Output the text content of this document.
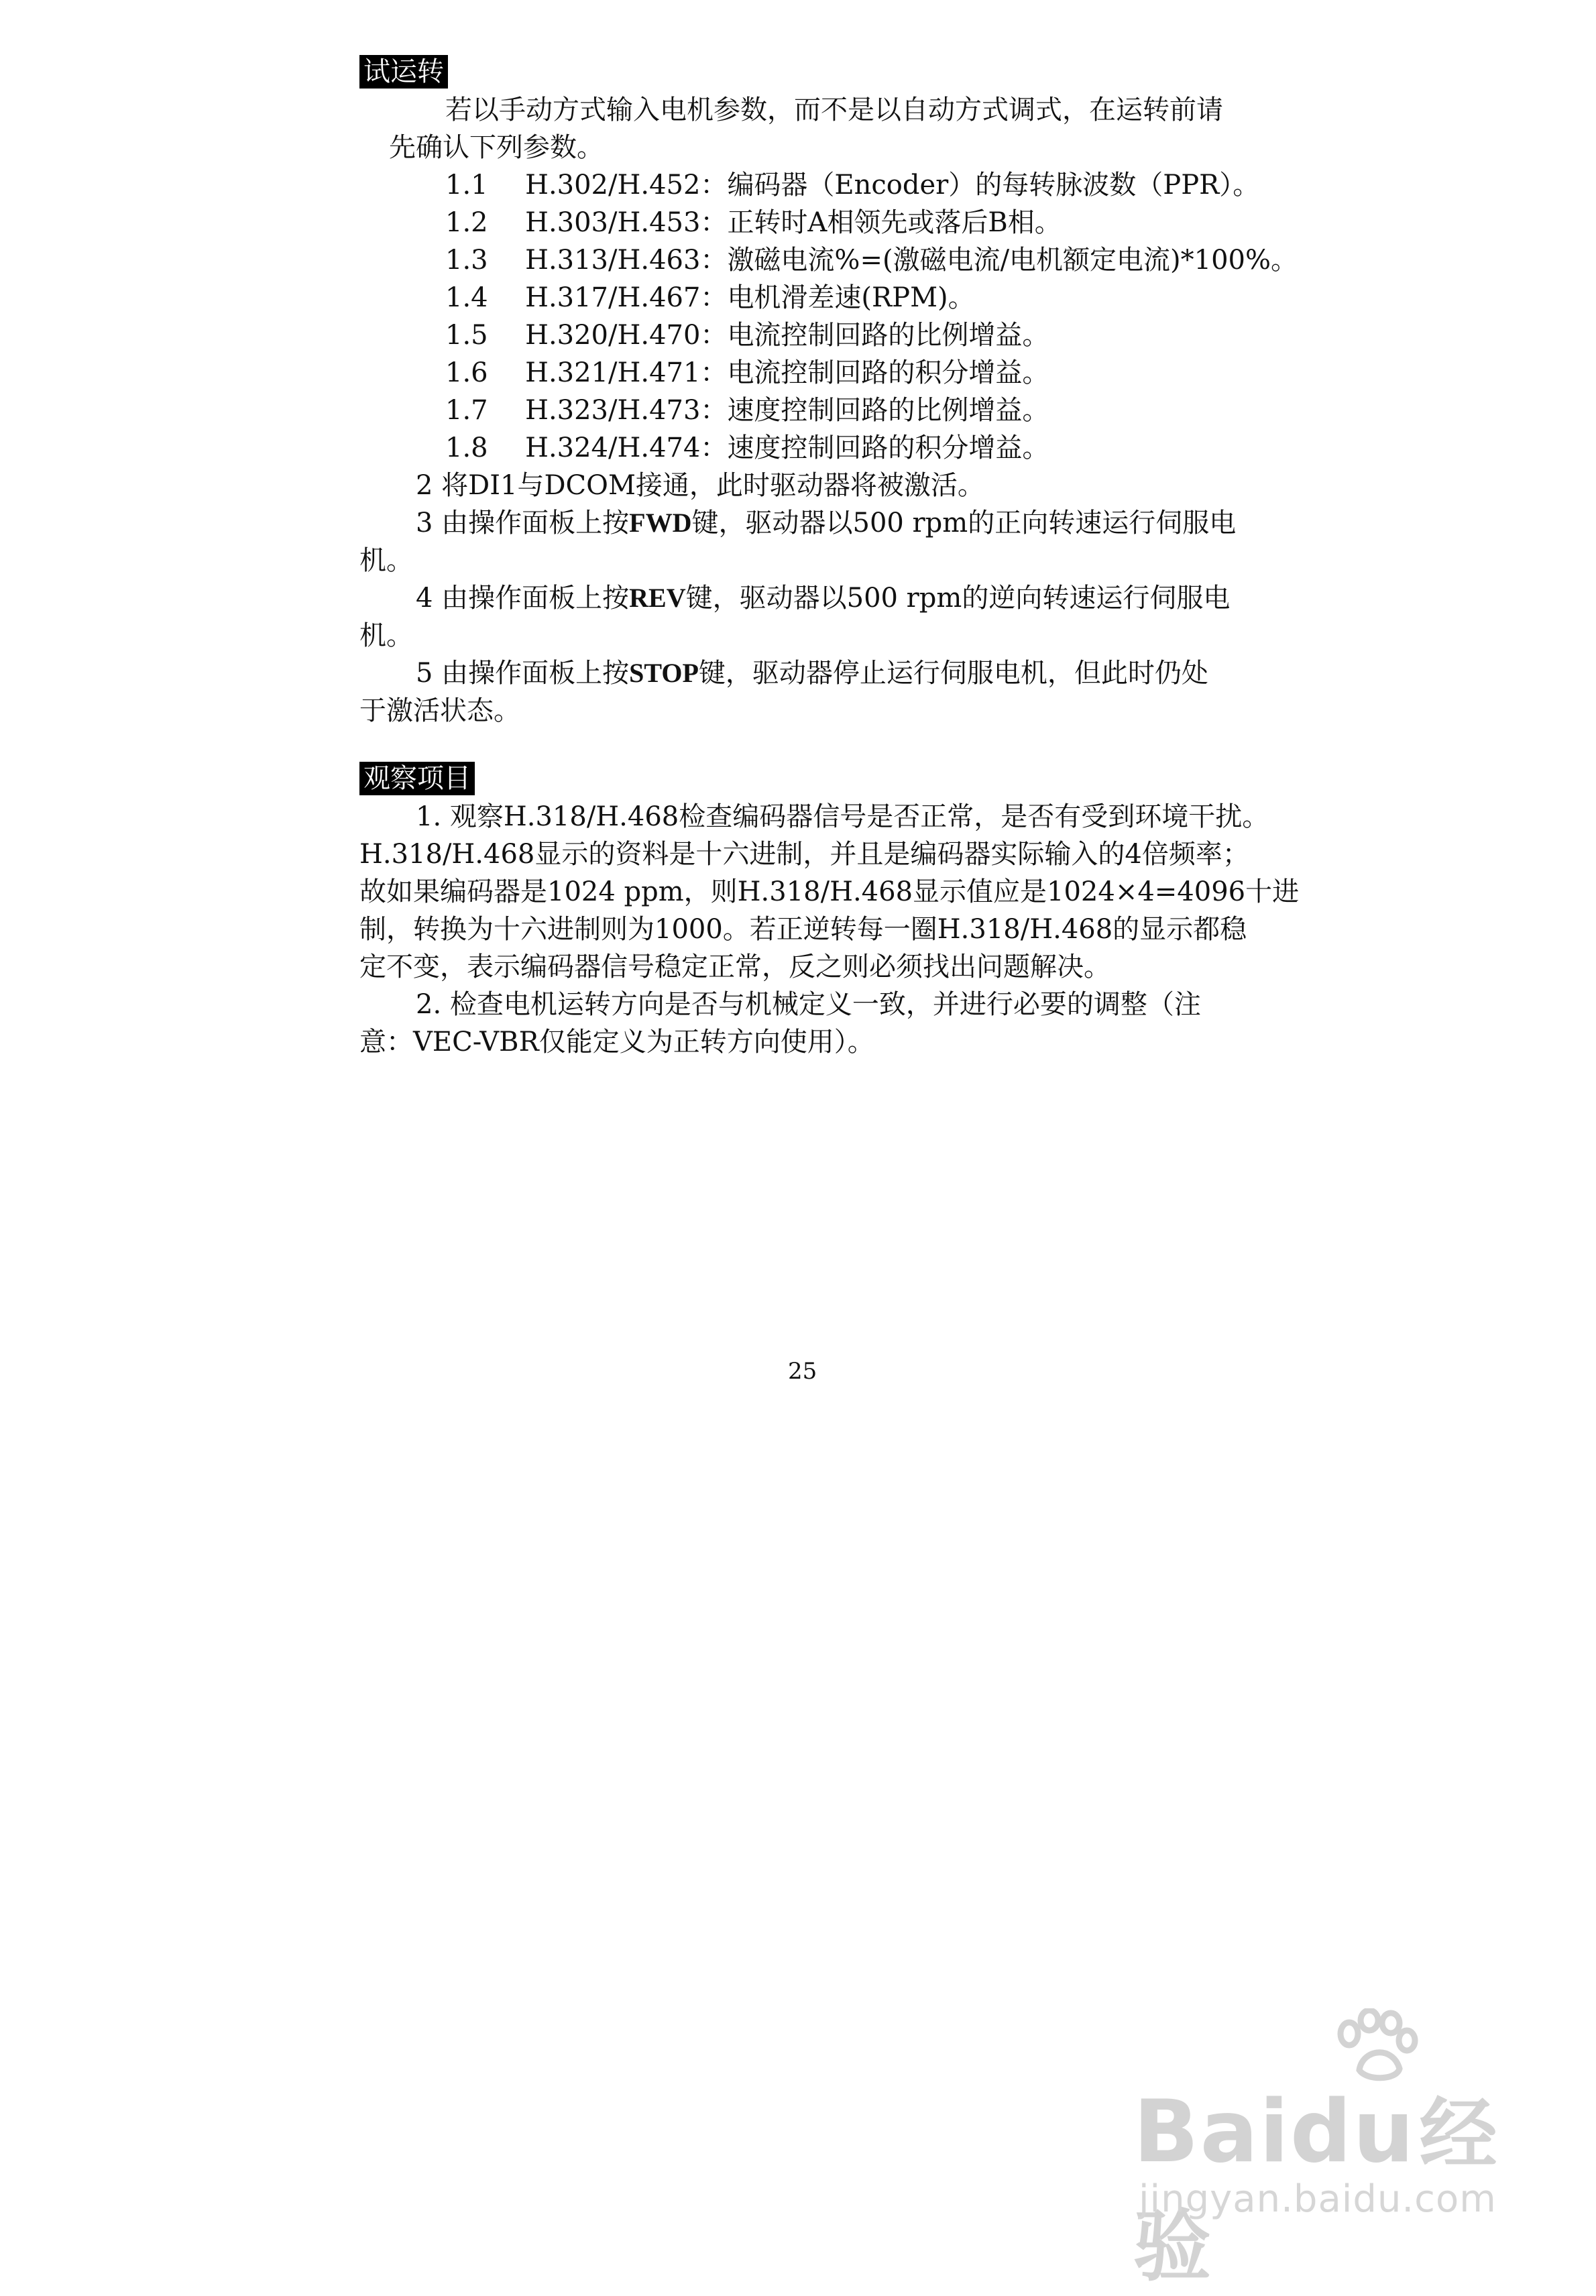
试运转
若以手动方式输入电机参数，而不是以自动方式调式，在运转前请
先确认下列参数。
1.1 H.302/H.452：编码器（Encoder）的每转脉波数（PPR）。
1.2 H.303/H.453：正转时A相领先或落后B相。
1.3 H.313/H.463：激磁电流%=(激磁电流/电机额定电流)*100%。
1.4 H.317/H.467：电机滑差速(RPM)。
1.5 H.320/H.470：电流控制回路的比例增益。
1.6 H.321/H.471：电流控制回路的积分增益。
1.7 H.323/H.473：速度控制回路的比例增益。
1.8 H.324/H.474：速度控制回路的积分增益。
2 将DI1与DCOM接通，此时驱动器将被激活。
3 由操作面板上按FWD键，驱动器以500 rpm的正向转速运行伺服电
机。
4 由操作面板上按REV键，驱动器以500 rpm的逆向转速运行伺服电
机。
5 由操作面板上按STOP键，驱动器停止运行伺服电机，但此时仍处
于激活状态。
观察项目
1. 观察H.318/H.468检查编码器信号是否正常，是否有受到环境干扰。
H.318/H.468显示的资料是十六进制，并且是编码器实际输入的4倍频率；
故如果编码器是1024 ppm，则H.318/H.468显示值应是1024×4=4096十进
制，转换为十六进制则为1000。若正逆转每一圈H.318/H.468的显示都稳
定不变，表示编码器信号稳定正常，反之则必须找出问题解决。
2. 检查电机运转方向是否与机械定义一致，并进行必要的调整（注
意：VEC-VBR仅能定义为正转方向使用）。
25
Baidu经验
jingyan.baidu.com
